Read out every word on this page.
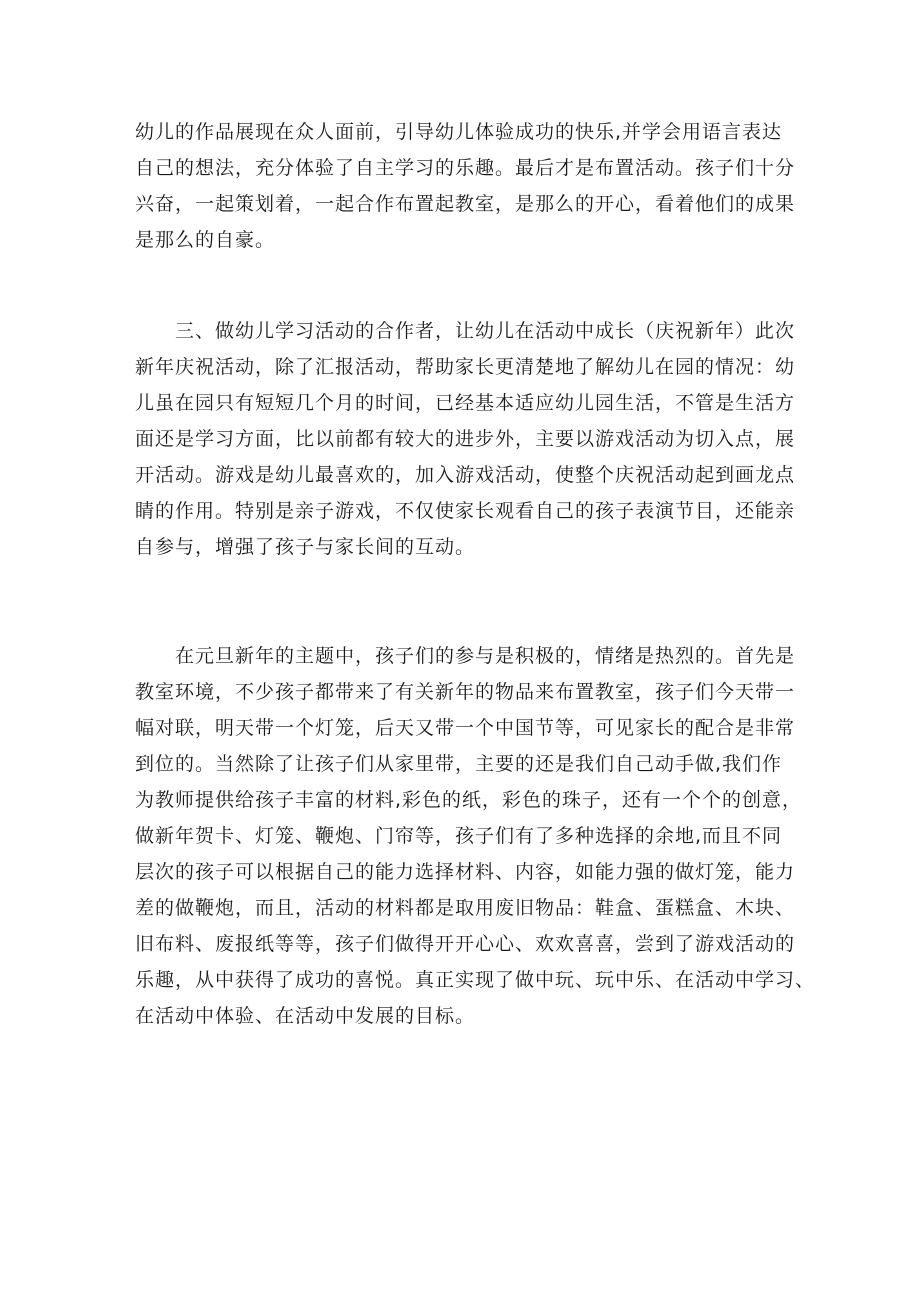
幼儿的作品展现在众人面前，引导幼儿体验成功的快乐,并学会用语言表达
自己的想法，充分体验了自主学习的乐趣。最后才是布置活动。孩子们十分
兴奋，一起策划着，一起合作布置起教室，是那么的开心，看着他们的成果
是那么的自豪。
　　三、做幼儿学习活动的合作者，让幼儿在活动中成长（庆祝新年）此次
新年庆祝活动，除了汇报活动，帮助家长更清楚地了解幼儿在园的情况：幼
儿虽在园只有短短几个月的时间，已经基本适应幼儿园生活，不管是生活方
面还是学习方面，比以前都有较大的进步外，主要以游戏活动为切入点，展
开活动。游戏是幼儿最喜欢的，加入游戏活动，使整个庆祝活动起到画龙点
睛的作用。特别是亲子游戏，不仅使家长观看自己的孩子表演节目，还能亲
自参与，增强了孩子与家长间的互动。
　　在元旦新年的主题中，孩子们的参与是积极的，情绪是热烈的。首先是
教室环境，不少孩子都带来了有关新年的物品来布置教室，孩子们今天带一
幅对联，明天带一个灯笼，后天又带一个中国节等，可见家长的配合是非常
到位的。当然除了让孩子们从家里带，主要的还是我们自己动手做,我们作
为教师提供给孩子丰富的材料,彩色的纸，彩色的珠子，还有一个个的创意，
做新年贺卡、灯笼、鞭炮、门帘等，孩子们有了多种选择的余地,而且不同
层次的孩子可以根据自己的能力选择材料、内容，如能力强的做灯笼，能力
差的做鞭炮，而且，活动的材料都是取用废旧物品：鞋盒、蛋糕盒、木块、
旧布料、废报纸等等，孩子们做得开开心心、欢欢喜喜，尝到了游戏活动的
乐趣，从中获得了成功的喜悦。真正实现了做中玩、玩中乐、在活动中学习、
在活动中体验、在活动中发展的目标。
